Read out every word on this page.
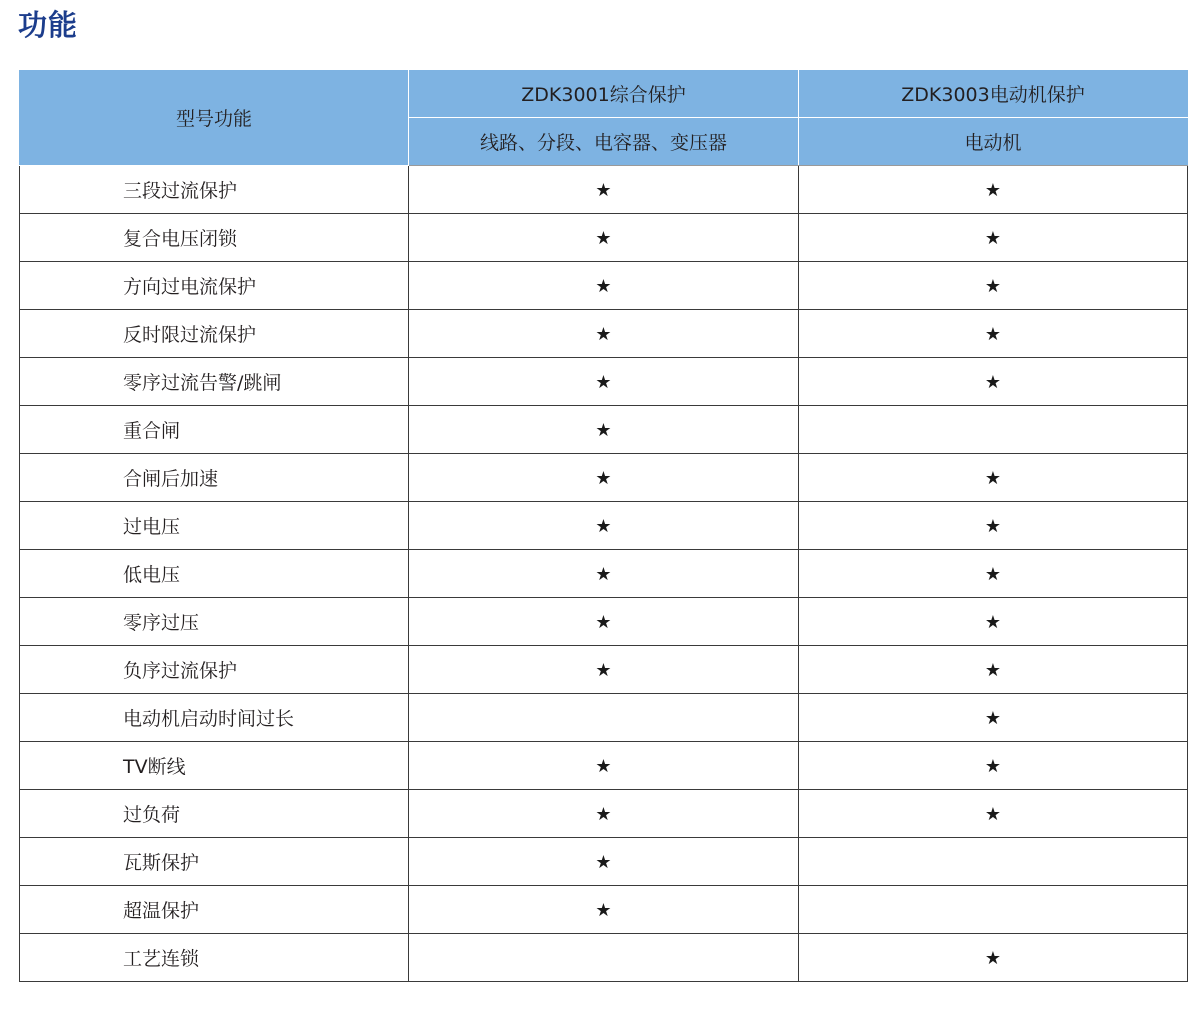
功能
型号功能	ZDK3001综合保护	ZDK3003电动机保护
	线路、分段、电容器、变压器	电动机
三段过流保护	★	★
复合电压闭锁	★	★
方向过电流保护	★	★
反时限过流保护	★	★
零序过流告警/跳闸	★	★
重合闸	★	
合闸后加速	★	★
过电压	★	★
低电压	★	★
零序过压	★	★
负序过流保护	★	★
电动机启动时间过长		★
TV断线	★	★
过负荷	★	★
瓦斯保护	★	
超温保护	★	
工艺连锁		★
